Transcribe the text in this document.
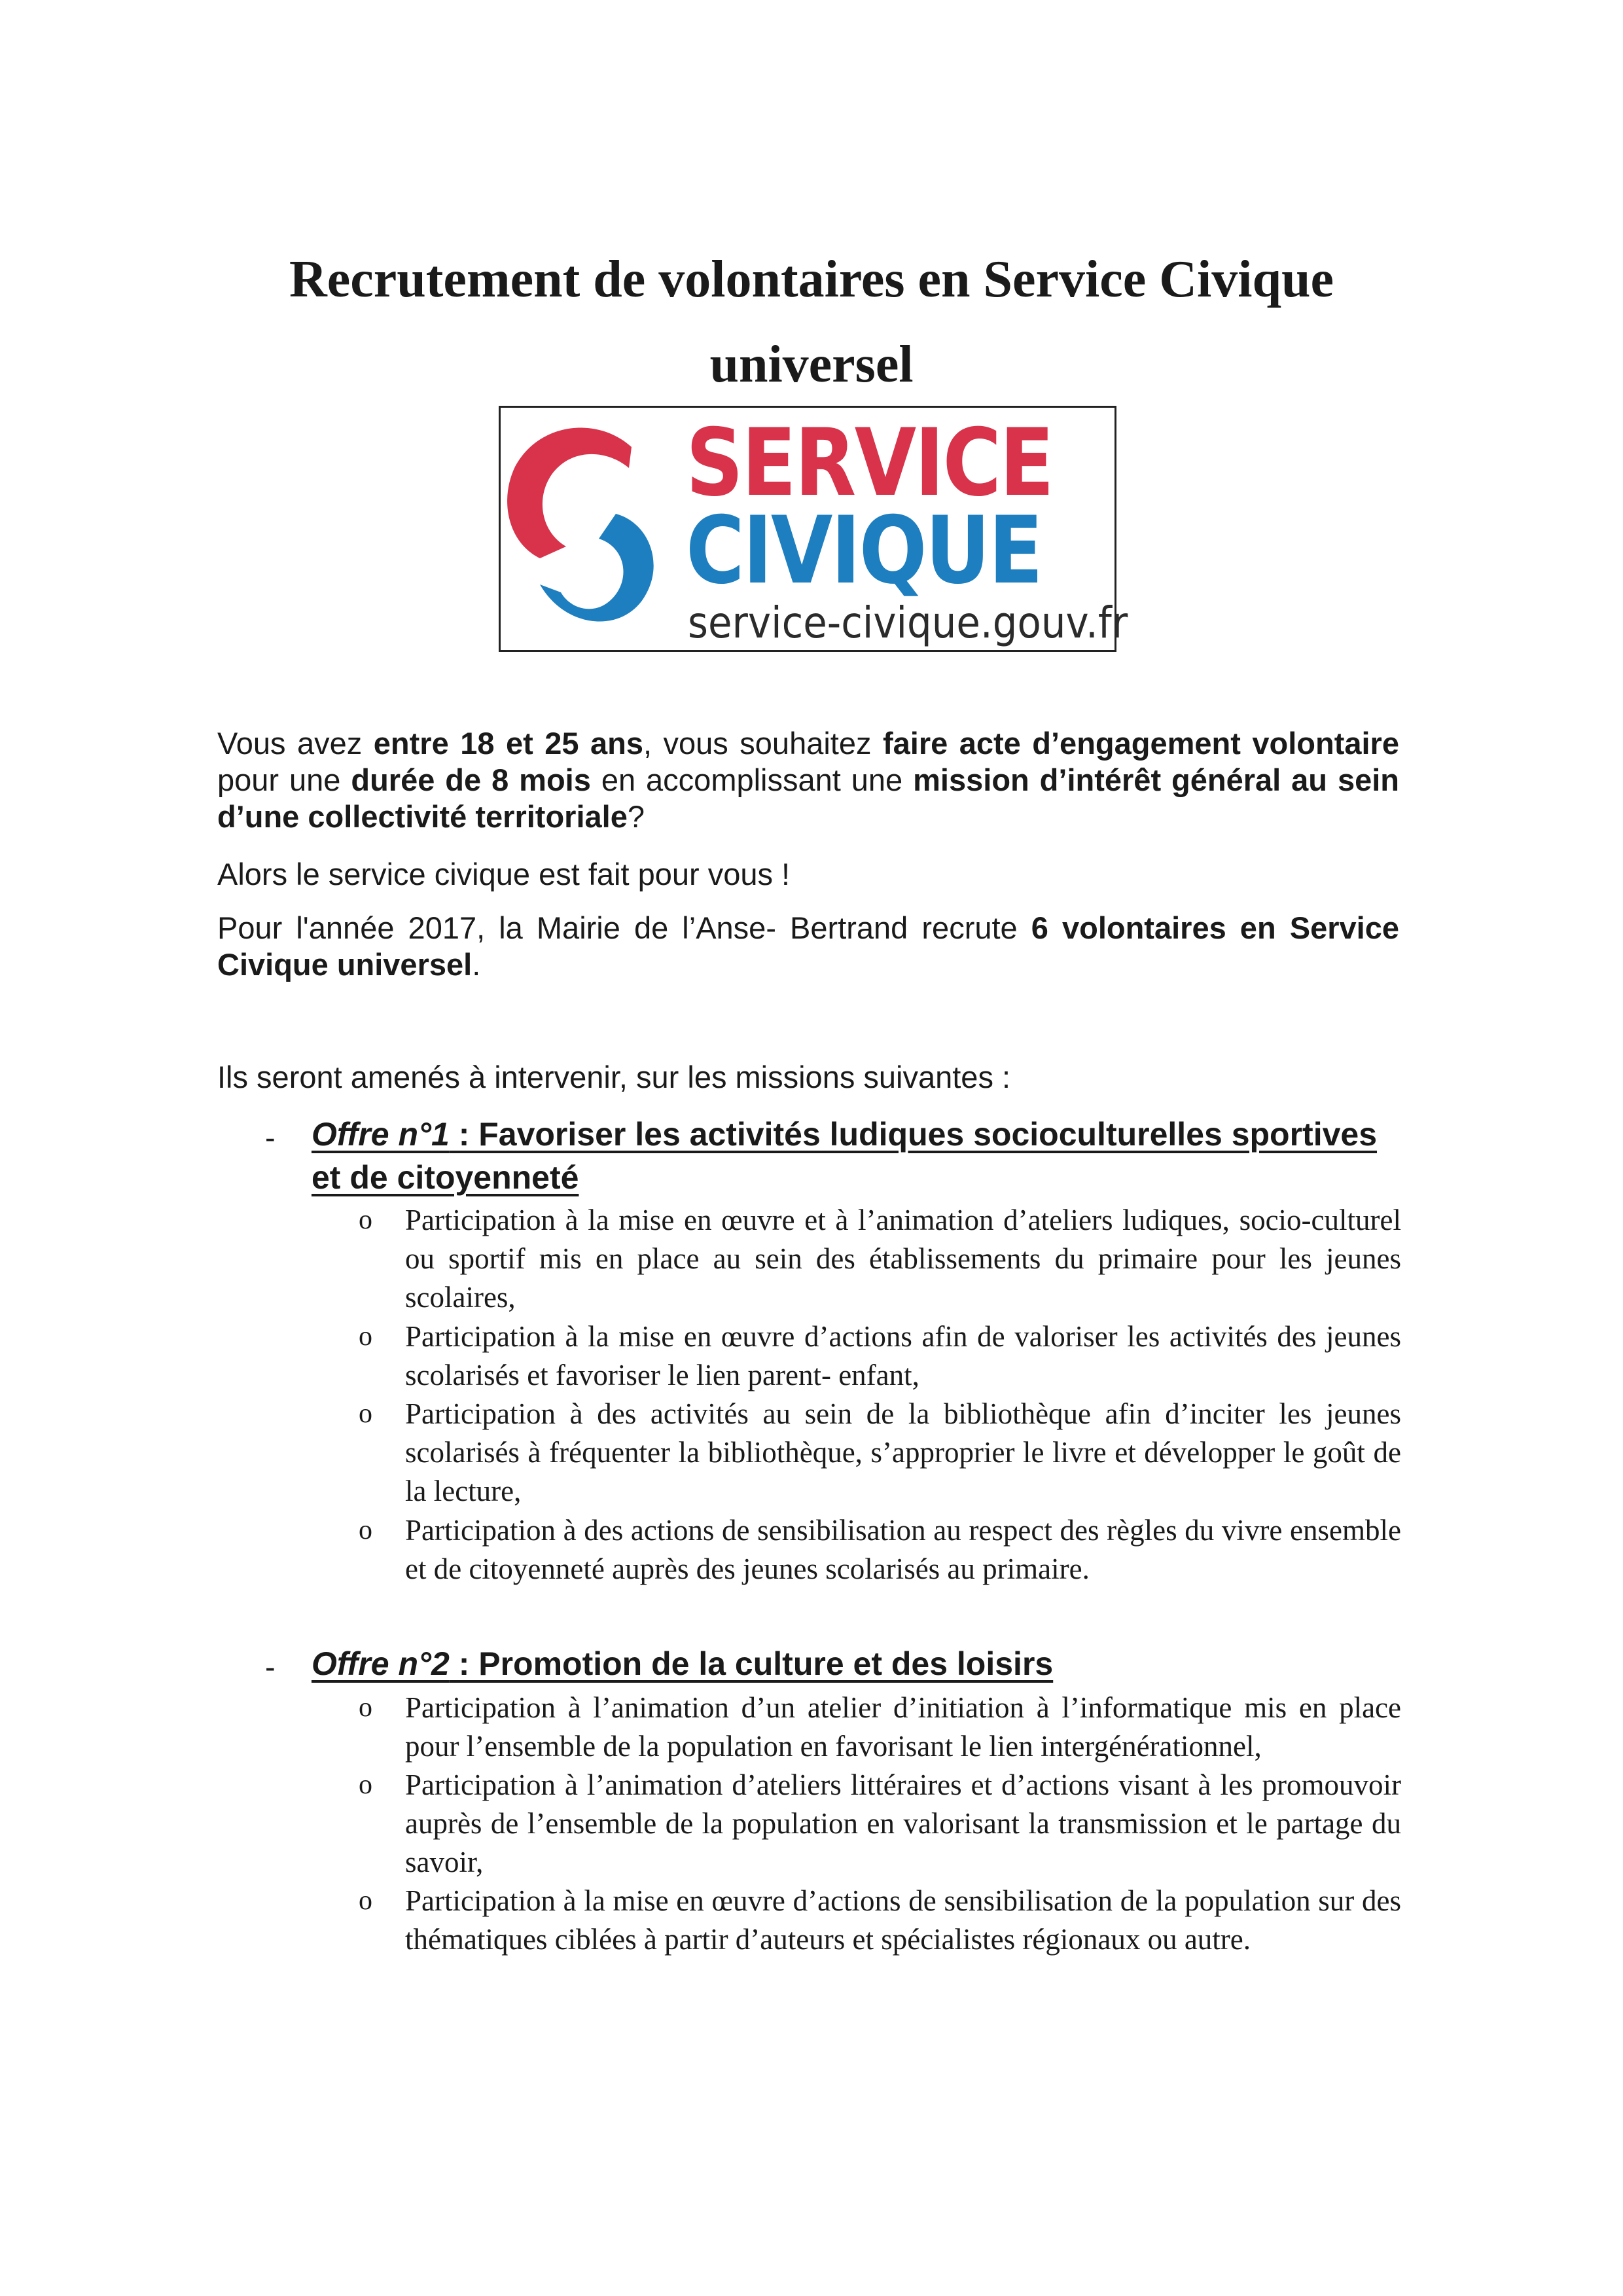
Recrutement de volontaires en Service Civique
universel
SERVICE
CIVIQUE
service-civique.gouv.fr

Vous avez entre 18 et 25 ans, vous souhaitez faire acte d’engagement volontaire pour une durée de 8 mois en accomplissant une mission d’intérêt général au sein d’une collectivité territoriale?

Alors le service civique est fait pour vous !

Pour l'année 2017, la Mairie de l’Anse- Bertrand recrute 6 volontaires en Service Civique universel.

Ils seront amenés à intervenir, sur les missions suivantes :

- Offre n°1 : Favoriser les activités ludiques socioculturelles sportives et de citoyenneté

o Participation à la mise en œuvre et à l’animation d’ateliers ludiques, socio-culturel ou sportif mis en place au sein des établissements du primaire pour les jeunes scolaires,

o Participation à la mise en œuvre d’actions afin de valoriser les activités des jeunes scolarisés et favoriser le lien parent- enfant,

o Participation à des activités au sein de la bibliothèque afin d’inciter les jeunes scolarisés à fréquenter la bibliothèque, s’approprier le livre et développer le goût de la lecture,

o Participation à des actions de sensibilisation au respect des règles du vivre ensemble et de citoyenneté auprès des jeunes scolarisés au primaire.

- Offre n°2 : Promotion de la culture et des loisirs

o Participation à l’animation d’un atelier d’initiation à l’informatique mis en place pour l’ensemble de la population en favorisant le lien intergénérationnel,

o Participation à l’animation d’ateliers littéraires et d’actions visant à les promouvoir auprès de l’ensemble de la population en valorisant la transmission et le partage du savoir,

o Participation à la mise en œuvre d’actions de sensibilisation de la population sur des thématiques ciblées à partir d’auteurs et spécialistes régionaux ou autre.
